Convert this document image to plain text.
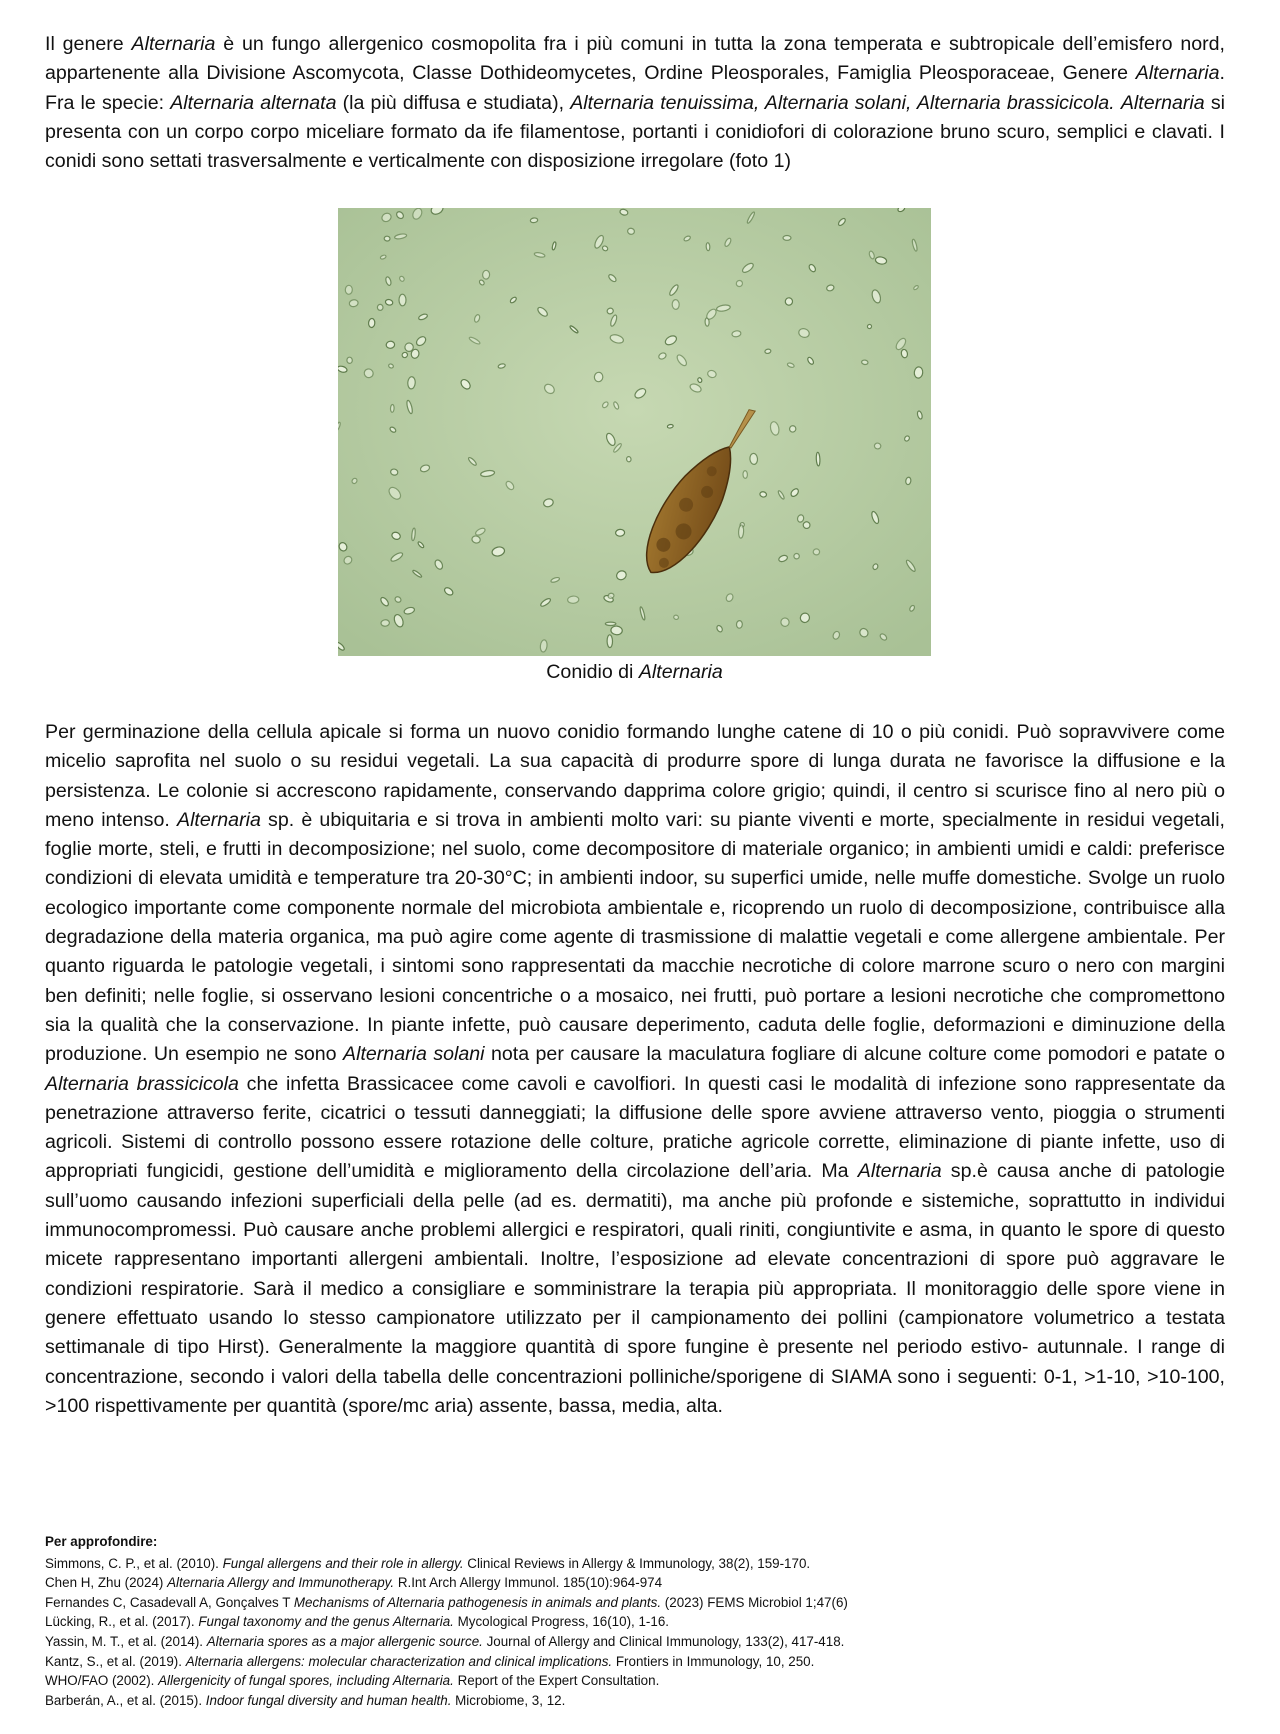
Il genere Alternaria è un fungo allergenico cosmopolita fra i più comuni in tutta la zona temperata e subtropicale dell’emisfero nord, appartenente alla Divisione Ascomycota, Classe Dothideomycetes, Ordine Pleosporales, Famiglia Pleosporaceae, Genere Alternaria. Fra le specie: Alternaria alternata (la più diffusa e studiata), Alternaria tenuissima, Alternaria solani, Alternaria brassicicola. Alternaria si presenta con un corpo corpo miceliare formato da ife filamentose, portanti i conidiofori di colorazione bruno scuro, semplici e clavati. I conidi sono settati trasversalmente e verticalmente con disposizione irregolare (foto 1)

Conidio di Alternaria

Per germinazione della cellula apicale si forma un nuovo conidio formando lunghe catene di 10 o più conidi. Può sopravvivere come micelio saprofita nel suolo o su residui vegetali. La sua capacità di produrre spore di lunga durata ne favorisce la diffusione e la persistenza. Le colonie si accrescono rapidamente, conservando dapprima colore grigio; quindi, il centro si scurisce fino al nero più o meno intenso. Alternaria sp. è ubiquitaria e si trova in ambienti molto vari: su piante viventi e morte, specialmente in residui vegetali, foglie morte, steli, e frutti in decomposizione; nel suolo, come decompositore di materiale organico; in ambienti umidi e caldi: preferisce condizioni di elevata umidità e temperature tra 20-30°C; in ambienti indoor, su superfici umide, nelle muffe domestiche. Svolge un ruolo ecologico importante come componente normale del microbiota ambientale e, ricoprendo un ruolo di decomposizione, contribuisce alla degradazione della materia organica, ma può agire come agente di trasmissione di malattie vegetali e come allergene ambientale. Per quanto riguarda le patologie vegetali, i sintomi sono rappresentati da macchie necrotiche di colore marrone scuro o nero con margini ben definiti; nelle foglie, si osservano lesioni concentriche o a mosaico, nei frutti, può portare a lesioni necrotiche che compromettono sia la qualità che la conservazione. In piante infette, può causare deperimento, caduta delle foglie, deformazioni e diminuzione della produzione. Un esempio ne sono Alternaria solani nota per causare la maculatura fogliare di alcune colture come pomodori e patate o Alternaria brassicicola che infetta Brassicacee come cavoli e cavolfiori. In questi casi le modalità di infezione sono rappresentate da penetrazione attraverso ferite, cicatrici o tessuti danneggiati; la diffusione delle spore avviene attraverso vento, pioggia o strumenti agricoli. Sistemi di controllo possono essere rotazione delle colture, pratiche agricole corrette, eliminazione di piante infette, uso di appropriati fungicidi, gestione dell’umidità e miglioramento della circolazione dell’aria. Ma Alternaria sp.è causa anche di patologie sull’uomo causando infezioni superficiali della pelle (ad es. dermatiti), ma anche più profonde e sistemiche, soprattutto in individui immunocompromessi. Può causare anche problemi allergici e respiratori, quali riniti, congiuntivite e asma, in quanto le spore di questo micete rappresentano importanti allergeni ambientali. Inoltre, l’esposizione ad elevate concentrazioni di spore può aggravare le condizioni respiratorie. Sarà il medico a consigliare e somministrare la terapia più appropriata. Il monitoraggio delle spore viene in genere effettuato usando lo stesso campionatore utilizzato per il campionamento dei pollini (campionatore volumetrico a testata settimanale di tipo Hirst). Generalmente la maggiore quantità di spore fungine è presente nel periodo estivo- autunnale. I range di concentrazione, secondo i valori della tabella delle concentrazioni polliniche/sporigene di SIAMA sono i seguenti: 0-1, >1-10, >10-100, >100 rispettivamente per quantità (spore/mc aria) assente, bassa, media, alta.

Per approfondire:
Simmons, C. P., et al. (2010). Fungal allergens and their role in allergy. Clinical Reviews in Allergy & Immunology, 38(2), 159-170.
Chen H, Zhu (2024) Alternaria Allergy and Immunotherapy. R.Int Arch Allergy Immunol. 185(10):964-974
Fernandes C, Casadevall A, Gonçalves T Mechanisms of Alternaria pathogenesis in animals and plants. (2023) FEMS Microbiol 1;47(6)
Lücking, R., et al. (2017). Fungal taxonomy and the genus Alternaria. Mycological Progress, 16(10), 1-16.
Yassin, M. T., et al. (2014). Alternaria spores as a major allergenic source. Journal of Allergy and Clinical Immunology, 133(2), 417-418.
Kantz, S., et al. (2019). Alternaria allergens: molecular characterization and clinical implications. Frontiers in Immunology, 10, 250.
WHO/FAO (2002). Allergenicity of fungal spores, including Alternaria. Report of the Expert Consultation.
Barberán, A., et al. (2015). Indoor fungal diversity and human health. Microbiome, 3, 12.
